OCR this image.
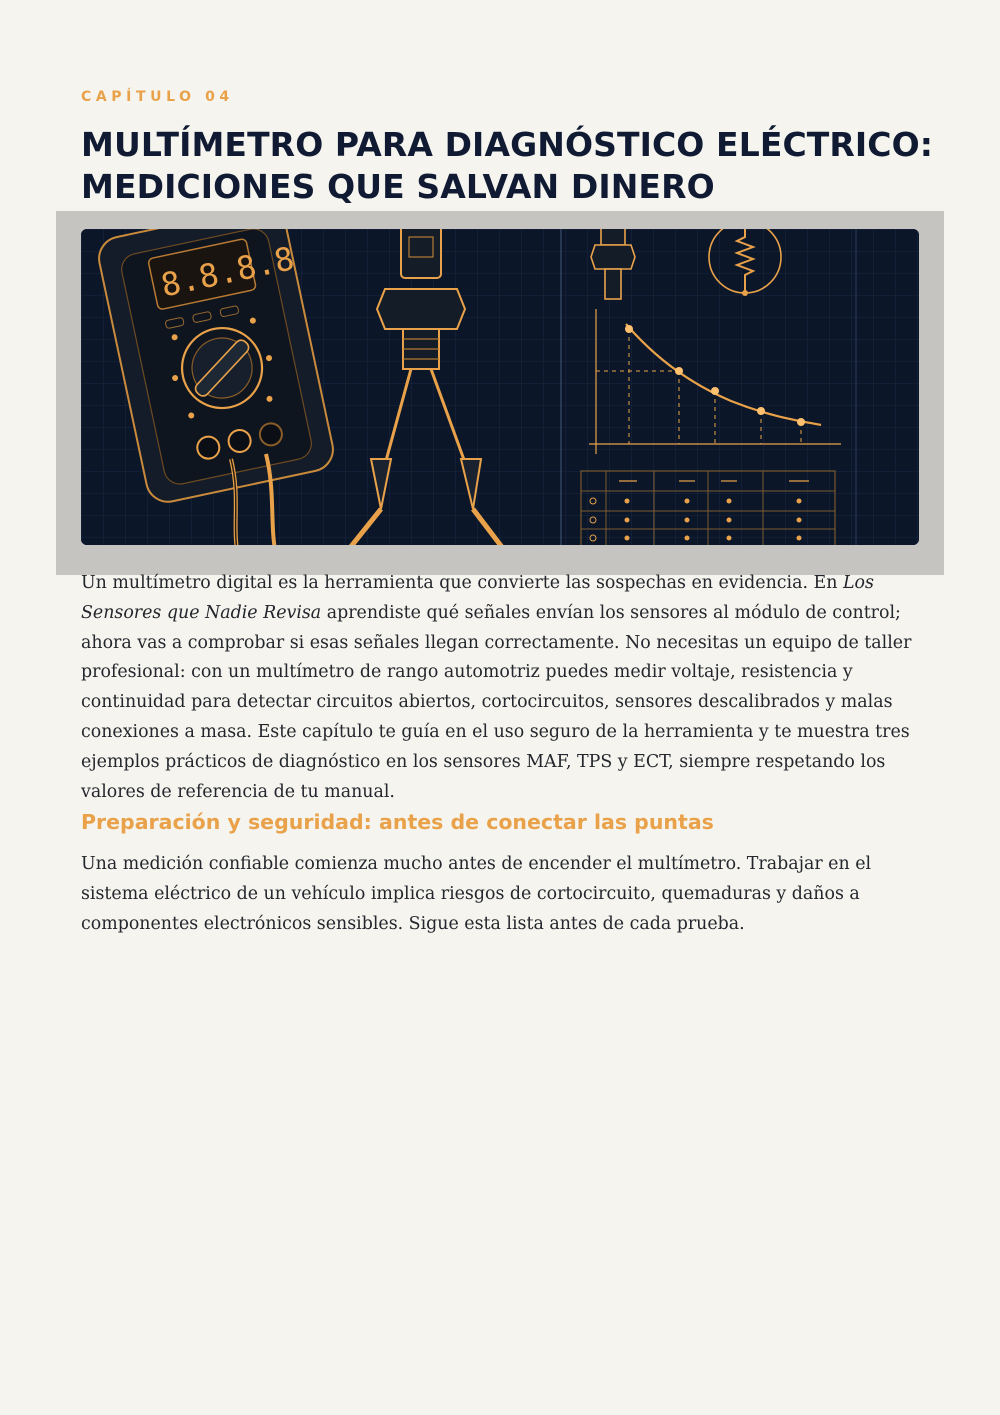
CAPÍTULO 04
MULTÍMETRO PARA DIAGNÓSTICO ELÉCTRICO:
MEDICIONES QUE SALVAN DINERO
8.8.8.8

Un multímetro digital es la herramienta que convierte las sospechas en evidencia. En Los Sensores que Nadie Revisa aprendiste qué señales envían los sensores al módulo de control; ahora vas a comprobar si esas señales llegan correctamente. No necesitas un equipo de taller profesional: con un multímetro de rango automotriz puedes medir voltaje, resistencia y continuidad para detectar circuitos abiertos, cortocircuitos, sensores descalibrados y malas conexiones a masa. Este capítulo te guía en el uso seguro de la herramienta y te muestra tres ejemplos prácticos de diagnóstico en los sensores MAF, TPS y ECT, siempre respetando los valores de referencia de tu manual.

Preparación y seguridad: antes de conectar las puntas

Una medición confiable comienza mucho antes de encender el multímetro. Trabajar en el sistema eléctrico de un vehículo implica riesgos de cortocircuito, quemaduras y daños a componentes electrónicos sensibles. Sigue esta lista antes de cada prueba.
